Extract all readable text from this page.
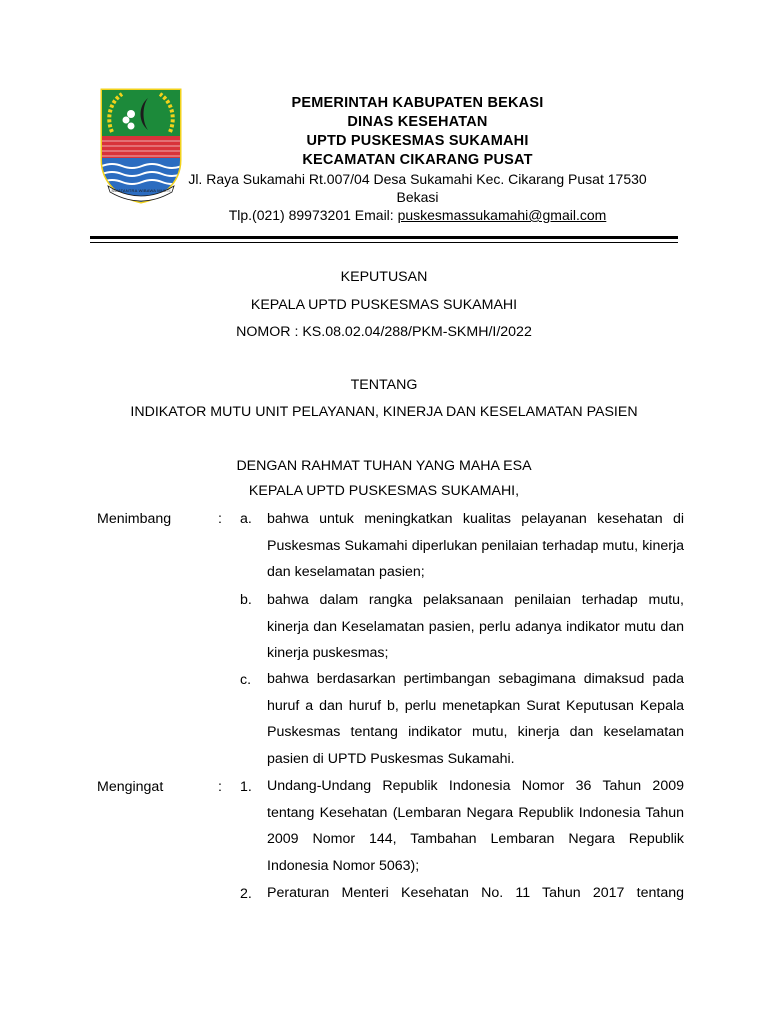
SWATANTRA WIBAWA MUKTI
PEMERINTAH KABUPATEN BEKASI
DINAS KESEHATAN
UPTD PUSKESMAS SUKAMAHI
KECAMATAN CIKARANG PUSAT
Jl. Raya Sukamahi Rt.007/04 Desa Sukamahi Kec. Cikarang Pusat 17530
Bekasi
Tlp.(021) 89973201 Email: puskesmassukamahi@gmail.com
KEPUTUSAN
KEPALA UPTD PUSKESMAS SUKAMAHI
NOMOR : KS.08.02.04/288/PKM-SKMH/I/2022
TENTANG
INDIKATOR MUTU UNIT PELAYANAN, KINERJA DAN KESELAMATAN PASIEN
DENGAN RAHMAT TUHAN YANG MAHA ESA
KEPALA UPTD PUSKESMAS SUKAMAHI,
Menimbang	: a. bahwa untuk meningkatkan kualitas pelayanan kesehatan di Puskesmas Sukamahi diperlukan penilaian terhadap mutu, kinerja dan keselamatan pasien;
b. bahwa dalam rangka pelaksanaan penilaian terhadap mutu, kinerja dan Keselamatan pasien, perlu adanya indikator mutu dan kinerja puskesmas;
c. bahwa berdasarkan pertimbangan sebagimana dimaksud pada huruf a dan huruf b, perlu menetapkan Surat Keputusan Kepala Puskesmas tentang indikator mutu, kinerja dan keselamatan pasien di UPTD Puskesmas Sukamahi.
Mengingat	: 1. Undang-Undang Republik Indonesia Nomor 36 Tahun 2009 tentang Kesehatan (Lembaran Negara Republik Indonesia Tahun 2009 Nomor 144, Tambahan Lembaran Negara Republik Indonesia Nomor 5063);
2. Peraturan Menteri Kesehatan No. 11 Tahun 2017 tentang
